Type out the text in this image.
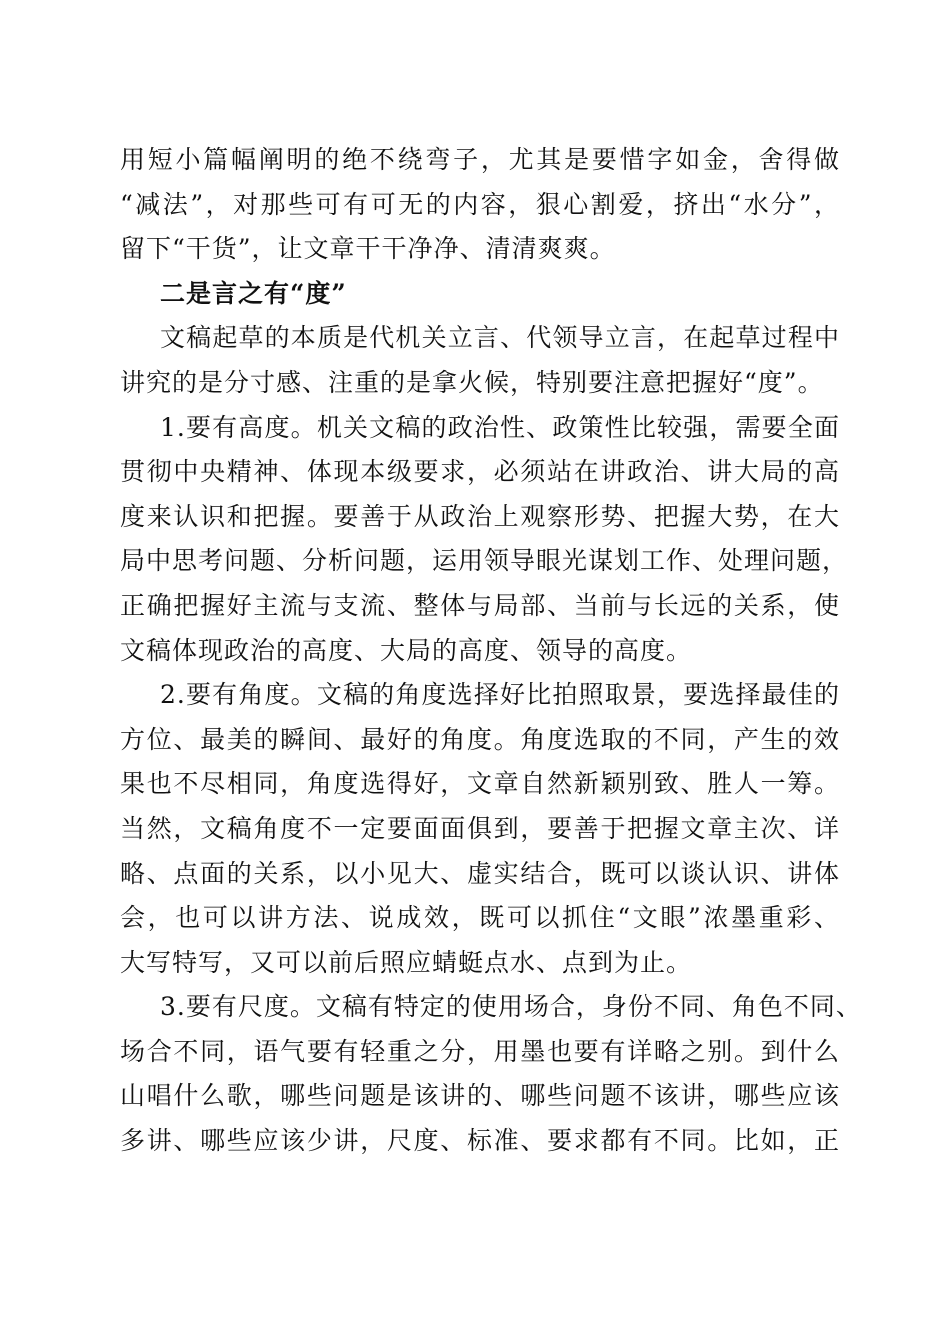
用短小篇幅阐明的绝不绕弯子，尤其是要惜字如金，舍得做
“减法”，对那些可有可无的内容，狠心割爱，挤出“水分”，
留下“干货”，让文章干干净净、清清爽爽。
二是言之有“度”
文稿起草的本质是代机关立言、代领导立言，在起草过程中
讲究的是分寸感、注重的是拿火候，特别要注意把握好“度”。
1.要有高度。机关文稿的政治性、政策性比较强，需要全面
贯彻中央精神、体现本级要求，必须站在讲政治、讲大局的高
度来认识和把握。要善于从政治上观察形势、把握大势，在大
局中思考问题、分析问题，运用领导眼光谋划工作、处理问题，
正确把握好主流与支流、整体与局部、当前与长远的关系，使
文稿体现政治的高度、大局的高度、领导的高度。
2.要有角度。文稿的角度选择好比拍照取景，要选择最佳的
方位、最美的瞬间、最好的角度。角度选取的不同，产生的效
果也不尽相同，角度选得好，文章自然新颖别致、胜人一筹。
当然，文稿角度不一定要面面俱到，要善于把握文章主次、详
略、点面的关系，以小见大、虚实结合，既可以谈认识、讲体
会，也可以讲方法、说成效，既可以抓住“文眼”浓墨重彩、
大写特写，又可以前后照应蜻蜓点水、点到为止。
3.要有尺度。文稿有特定的使用场合，身份不同、角色不同、
场合不同，语气要有轻重之分，用墨也要有详略之别。到什么
山唱什么歌，哪些问题是该讲的、哪些问题不该讲，哪些应该
多讲、哪些应该少讲，尺度、标准、要求都有不同。比如，正
